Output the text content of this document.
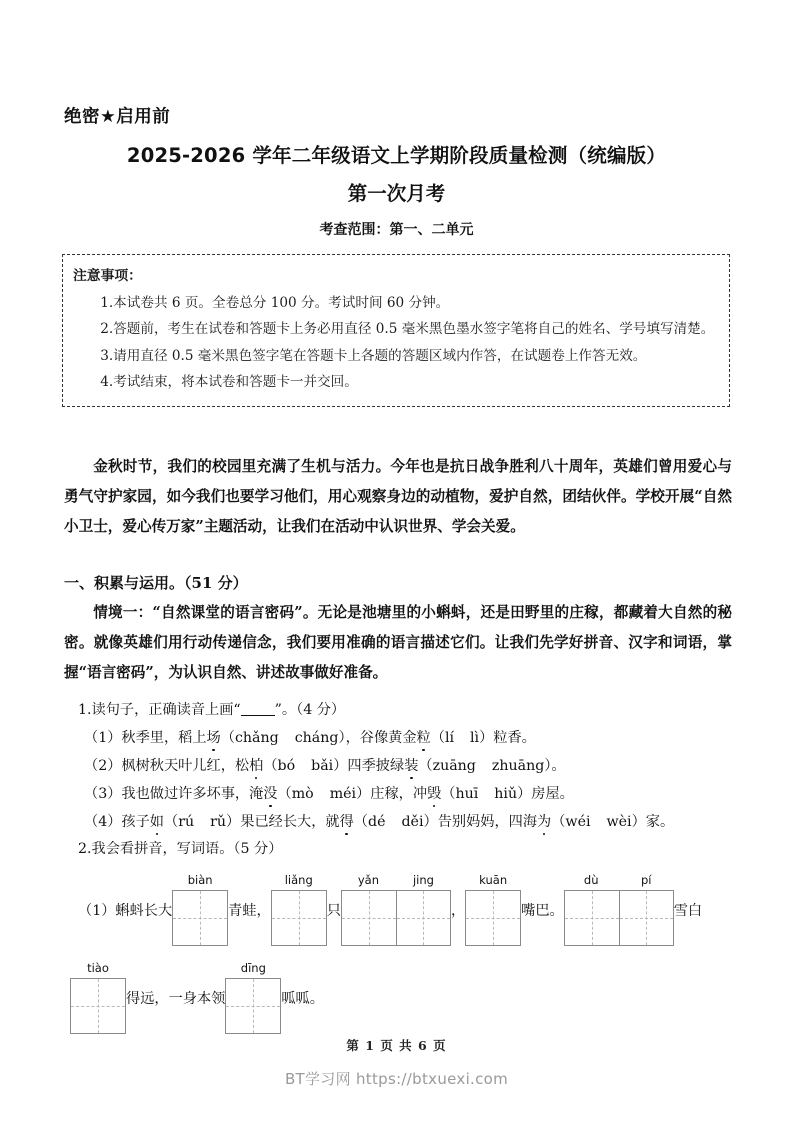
绝密★启用前
2025-2026 学年二年级语文上学期阶段质量检测（统编版）
第一次月考
考查范围：第一、二单元
注意事项：
1.本试卷共 6 页。全卷总分 100 分。考试时间 60 分钟。
2.答题前，考生在试卷和答题卡上务必用直径 0.5 毫米黑色墨水签字笔将自己的姓名、学号填写清楚。
3.请用直径 0.5 毫米黑色签字笔在答题卡上各题的答题区域内作答，在试题卷上作答无效。
4.考试结束，将本试卷和答题卡一并交回。
金秋时节，我们的校园里充满了生机与活力。今年也是抗日战争胜利八十周年，英雄们曾用爱心与勇气守护家园，如今我们也要学习他们，用心观察身边的动植物，爱护自然，团结伙伴。学校开展“自然小卫士，爱心传万家”主题活动，让我们在活动中认识世界、学会关爱。
一、积累与运用。（51 分）
情境一：“自然课堂的语言密码”。无论是池塘里的小蝌蚪，还是田野里的庄稼，都藏着大自然的秘密。就像英雄们用行动传递信念，我们要用准确的语言描述它们。让我们先学好拼音、汉字和词语，掌握“语言密码”，为认识自然、讲述故事做好准备。
1.读句子，正确读音上画“ ”。（4 分）
（1）秋季里，稻上场（chǎng cháng），谷像黄金粒（lí lì）粒香。
（2）枫树秋天叶儿红，松柏（bó bǎi）四季披绿装（zuāng zhuāng）。
（3）我也做过许多坏事，淹没（mò méi）庄稼，冲毁（huī hiǔ）房屋。
（4）孩子如（rú rǔ）果已经长大，就得（dé děi）告别妈妈，四海为（wéi wèi）家。
2.我会看拼音，写词语。（5 分）
（1）蝌蚪长大
biàn
青蛙，
liǎng
只
yǎn	jing
，
kuān
嘴巴。
dù	pí
雪白
tiào
得远，一身本领
dīng
呱呱。
第 1 页 共 6 页
BT学习网 https://btxuexi.com
